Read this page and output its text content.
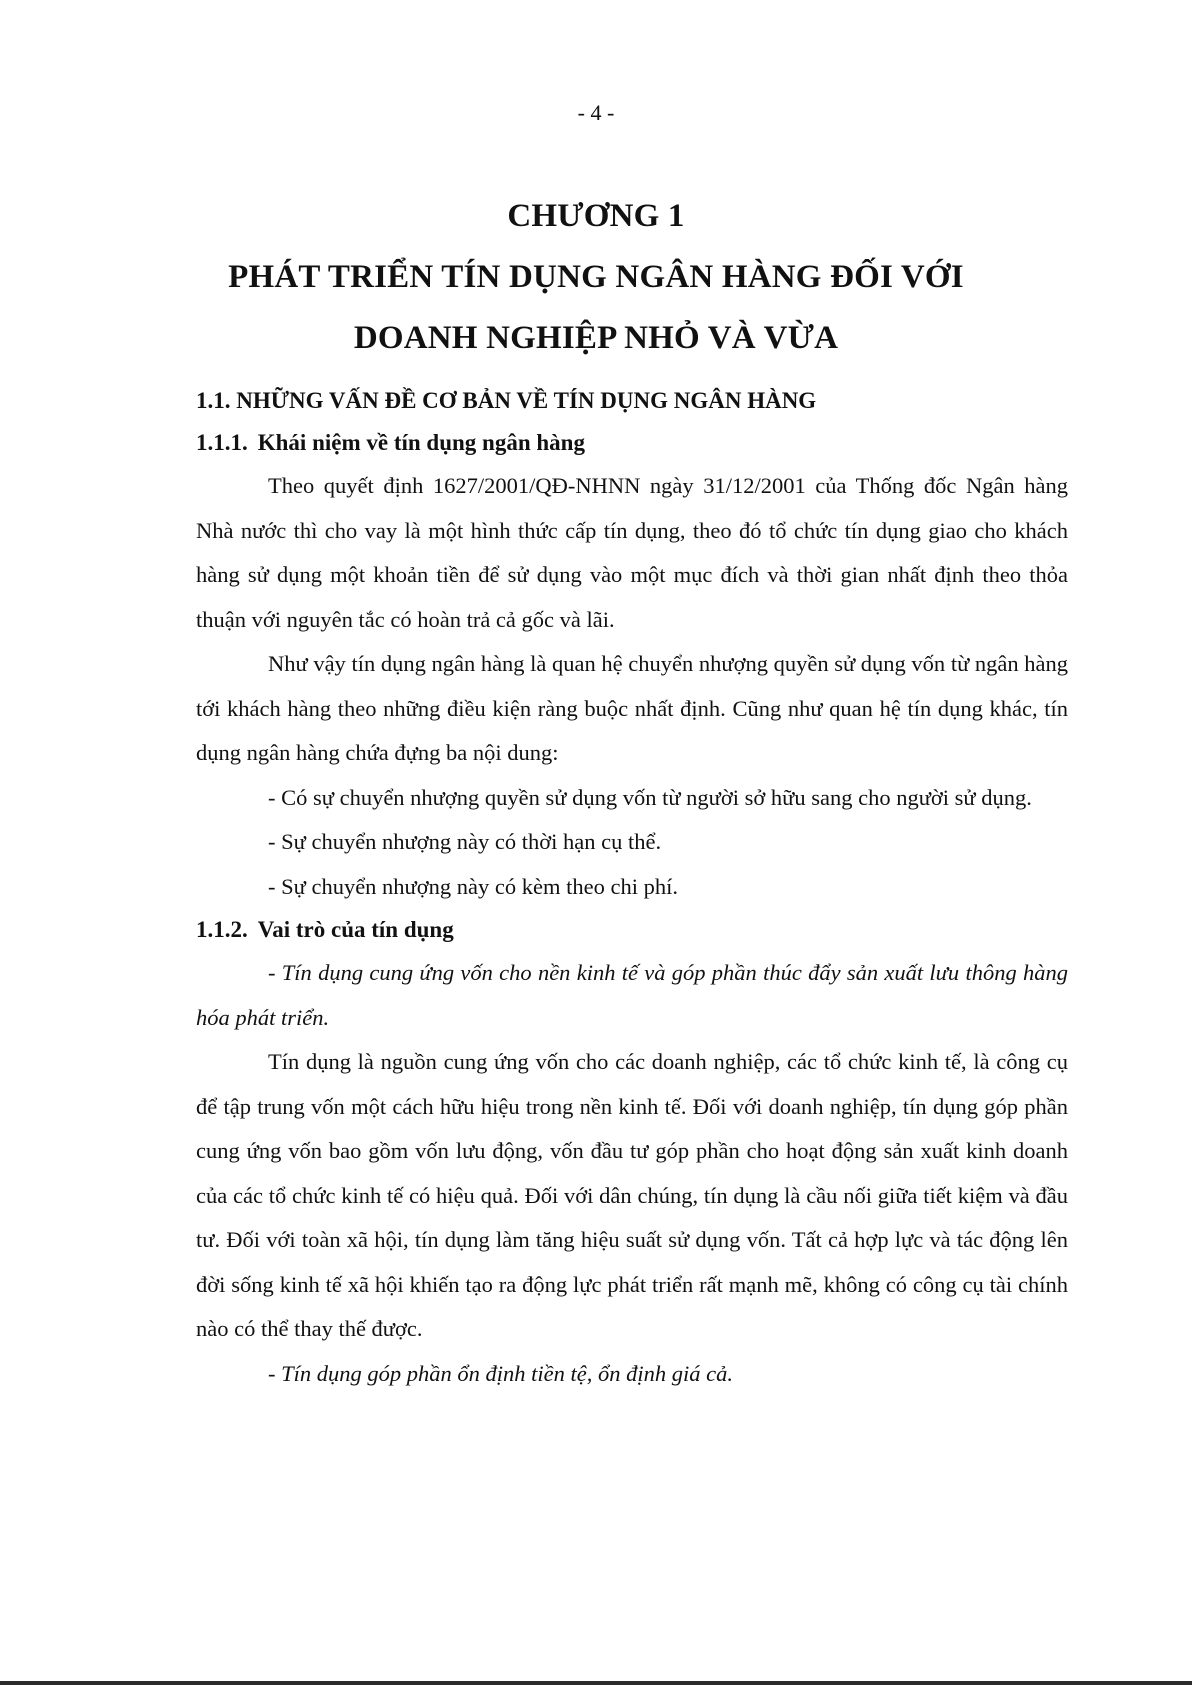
- 4 -
CHƯƠNG 1
PHÁT TRIỂN TÍN DỤNG NGÂN HÀNG ĐỐI VỚI
DOANH NGHIỆP NHỎ VÀ VỪA
1.1. NHỮNG VẤN ĐỀ CƠ BẢN VỀ TÍN DỤNG NGÂN HÀNG
1.1.1. Khái niệm về tín dụng ngân hàng

Theo quyết định 1627/2001/QĐ-NHNN ngày 31/12/2001 của Thống đốc Ngân hàng Nhà nước thì cho vay là một hình thức cấp tín dụng, theo đó tổ chức tín dụng giao cho khách hàng sử dụng một khoản tiền để sử dụng vào một mục đích và thời gian nhất định theo thỏa thuận với nguyên tắc có hoàn trả cả gốc và lãi.

Như vậy tín dụng ngân hàng là quan hệ chuyển nhượng quyền sử dụng vốn từ ngân hàng tới khách hàng theo những điều kiện ràng buộc nhất định. Cũng như quan hệ tín dụng khác, tín dụng ngân hàng chứa đựng ba nội dung:

- Có sự chuyển nhượng quyền sử dụng vốn từ người sở hữu sang cho người sử dụng.

- Sự chuyển nhượng này có thời hạn cụ thể.

- Sự chuyển nhượng này có kèm theo chi phí.

1.1.2. Vai trò của tín dụng

- Tín dụng cung ứng vốn cho nền kinh tế và góp phần thúc đẩy sản xuất lưu thông hàng hóa phát triển.

Tín dụng là nguồn cung ứng vốn cho các doanh nghiệp, các tổ chức kinh tế, là công cụ để tập trung vốn một cách hữu hiệu trong nền kinh tế. Đối với doanh nghiệp, tín dụng góp phần cung ứng vốn bao gồm vốn lưu động, vốn đầu tư góp phần cho hoạt động sản xuất kinh doanh của các tổ chức kinh tế có hiệu quả. Đối với dân chúng, tín dụng là cầu nối giữa tiết kiệm và đầu tư. Đối với toàn xã hội, tín dụng làm tăng hiệu suất sử dụng vốn. Tất cả hợp lực và tác động lên đời sống kinh tế xã hội khiến tạo ra động lực phát triển rất mạnh mẽ, không có công cụ tài chính nào có thể thay thế được.

- Tín dụng góp phần ổn định tiền tệ, ổn định giá cả.
